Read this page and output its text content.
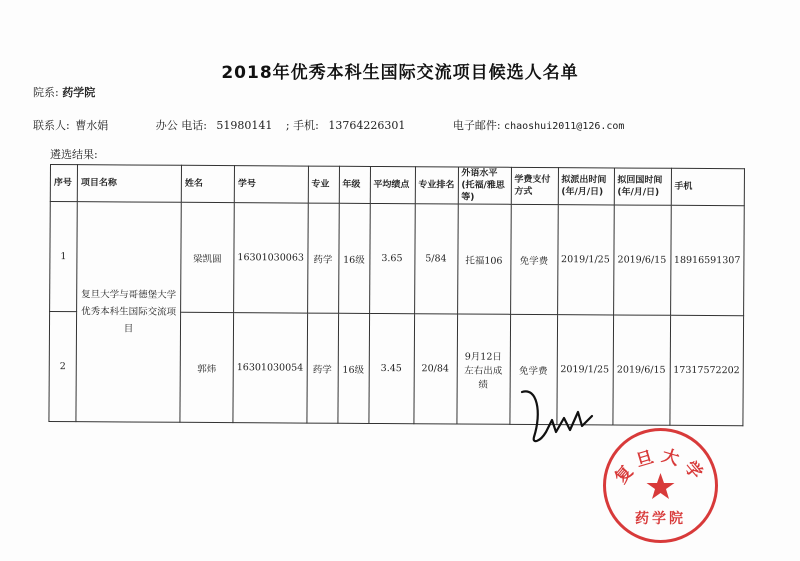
2018年优秀本科生国际交流项目候选人名单
院系: 药学院
联系人: 曹水娟	办公 电话: 51980141 ; 手机: 13764226301	电子邮件: chaoshui2011@126.com
遴选结果:
序号	项目名称	姓名	学号	专业	年级	平均绩点	专业排名	外语水平(托福/雅思等)	学费支付方式	拟派出时间(年/月/日)	拟回国时间(年/月/日)	手机
1	复旦大学与哥德堡大学优秀本科生国际交流项目	梁凯圆	16301030063	药学	16级	3.65	5/84	托福106	免学费	2019/1/25	2019/6/15	18916591307
2		郭炜	16301030054	药学	16级	3.45	20/84	9月12日左右出成绩	免学费	2019/1/25	2019/6/15	17317572202
复旦大学
药学院
